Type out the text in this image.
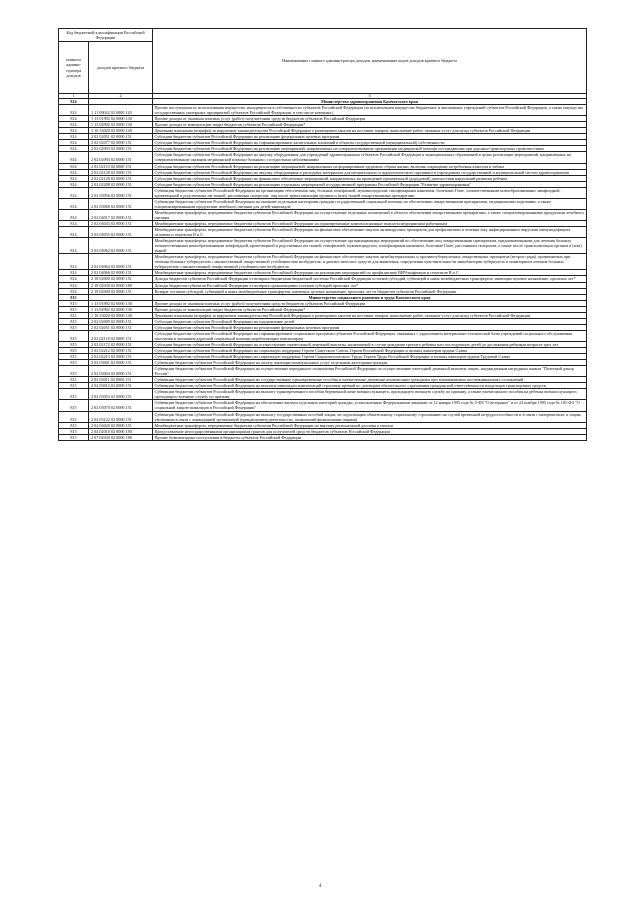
Код бюджетной классификации Российской Федерации		Наименование главного администратора доходов, наименование кодов доходов краевого бюджета
главного админи-стратора доходов	доходов краевого бюджета	
1	2	3
814		Министерство здравоохранения Камчатского края
814	1 11 09042 02 0000 120	Прочие поступления от использования имущества, находящегося в собственности субъектов Российской Федерации (за исключением имущества бюджетных и автономных учреждений субъектов Российской Федерации, а также имущества государственных унитарных предприятий субъектов Российской Федерации, в том числе казенных)
814	1 13 01992 02 0000 130	Прочие доходы от оказания платных услуг (работ) получателями средств бюджетов субъектов Российской Федерации
814	1 13 02992 02 0000 130	Прочие доходы от компенсации затрат бюджетов субъектов Российской Федерации*
814	1 16 33020 02 0000 140	Денежные взыскания (штрафы) за нарушение законодательства Российской Федерации о размещении заказов на поставки товаров, выполнение работ, оказание услуг для нужд субъектов Российской Федерации
814	2 02 02051 02 0000 151	Субсидии бюджетам субъектов Российской Федерации на реализацию федеральных целевых программ
814	2 02 02077 02 0000 151	Субсидии бюджетам субъектов Российской Федерации на софинансирование капитальных вложений в объекты государственной (муниципальной) собственности
814	2 02 02093 02 0000 151	Субсидии бюджетам субъектов Российской Федерации на реализацию мероприятий, направленных на совершенствование организации медицинской помощи пострадавшим при дорожно-транспортных происшествиях
814	2 02 02094 02 0000 151	Субсидии бюджетам субъектов Российской Федерации на закупку оборудования для учреждений здравоохранения субъектов Российской Федерации и муниципальных образований в целях реализации мероприятий, направленных на совершенствование оказания медицинской помощи больным с сосудистыми заболеваниями
814	2 02 02110 02 0000 151	Субсидии бюджетам субъектов Российской Федерации на реализацию мероприятий, направленных на формирование здорового образа жизни, включая сокращение потребления алкоголя и табака
814	2 02 02128 02 0000 151	Субсидии бюджетам субъектов Российской Федерации на закупку оборудования и расходных материалов для неонатального и аудиологического скрининга в учреждениях государственной и муниципальной систем здравоохранения
814	2 02 02129 02 0000 151	Субсидии бюджетам субъектов Российской Федерации на финансовое обеспечение мероприятий, направленных на проведение пренатальной (дородовой) диагностики нарушений развития ребенка
814	2 02 02208 02 0000 151	Субсидии бюджетам субъектов Российской Федерации на реализацию отдельных мероприятий государственной программы Российской Федерации "Развитие здравоохранения"
814	2 02 03056 02 0000 151	Субвенции бюджетам субъектов Российской Федерации на организацию обеспечения лиц, больных гемофилией, муковисцидозом, гипофизарным нанизмом, болезнью Гоше, злокачественными новообразованиями лимфоидной, кроветворной и родственных им тканей, рассеянным склерозом, лиц после трансплантации органов и (или) тканей лекарственными препаратами
814	2 02 03068 02 0000 151	Субвенции бюджетам субъектов Российской Федерации на оказание отдельным категориям граждан государственной социальной помощи по обеспечению лекарственными препаратами, медицинскими изделиями, а также специализированными продуктами лечебного питания для детей-инвалидов
814	2 02 04017 02 0000 151	Межбюджетные трансферты, передаваемые бюджетам субъектов Российской Федерации на осуществление отдельных полномочий в области обеспечения лекарственными препаратами, а также специализированными продуктами лечебного питания
814	2 02 04043 02 0000 151	Межбюджетные трансферты, передаваемые бюджетам субъектов Российской Федерации на единовременные компенсационные выплаты медицинским работникам
814	2 02 04055 02 0000 151	Межбюджетные трансферты, передаваемые бюджетам субъектов Российской Федерации на финансовое обеспечение закупок антивирусных препаратов для профилактики и лечения лиц, инфицированных вирусами иммунодефицита человека и гепатитов B и C
814	2 02 04062 02 0000 151	Межбюджетные трансферты, передаваемые бюджетам субъектов Российской Федерации на осуществление организационных мероприятий по обеспечению лиц лекарственными препаратами, предназначенными для лечения больных злокачественными новообразованиями лимфоидной, кроветворной и родственных им тканей, гемофилией, муковисцидозом, гипофизарным нанизмом, болезнью Гоше, рассеянным склерозом, а также после трансплантации органов и (или) тканей
814	2 02 04064 02 0000 151	Межбюджетные трансферты, передаваемые бюджетам субъектов Российской Федерации на финансовое обеспечение закупок антибактериальных и противотуберкулезных лекарственных препаратов (второго ряда), применяемых при лечении больных туберкулезом с множественной лекарственной устойчивостью возбудителя, и диагностических средств для выявления, определения чувствительности микобактерии туберкулеза и мониторинга лечения больных туберкулезом с множественной лекарственной устойчивостью возбудителя
814	2 02 04066 02 0000 151	Межбюджетные трансферты, передаваемые бюджетам субъектов Российской Федерации на реализацию мероприятий по профилактике ВИЧ-инфекции и гепатитов B и C
814	2 18 02000 02 0000 151	Доходы бюджетов субъектов Российской Федерации от возврата бюджетами бюджетной системы Российской Федерации остатков субсидий, субвенций и иных межбюджетных трансфертов, имеющих целевое назначение, прошлых лет*
814	2 18 02030 02 0000 180	Доходы бюджетов субъектов Российской Федерации от возврата организациями остатков субсидий прошлых лет*
814	2 19 02000 02 0000 151	Возврат остатков субсидий, субвенций и иных межбюджетных трансфертов, имеющих целевое назначение, прошлых лет из бюджетов субъектов Российской Федерации
815		Министерство социального развития и труда Камчатского края
815	1 13 01992 02 0000 130	Прочие доходы от оказания платных услуг (работ) получателями средств бюджетов субъектов Российской Федерации
815	1 13 02992 02 0000 130	Прочие доходы от компенсации затрат бюджетов субъектов Российской Федерации*
815	1 16 33020 02 0000 140	Денежные взыскания (штрафы) за нарушение законодательства Российской Федерации о размещении заказов на поставки товаров, выполнение работ, оказание услуг для нужд субъектов Российской Федерации
815	2 02 02009 02 0000 151	Субсидии бюджетам субъектов Российской Федерации на оздоровление детей
815	2 02 02051 02 0000 151	Субсидии бюджетам субъектов Российской Федерации на реализацию федеральных целевых программ
815	2 02 02118 02 0000 151	Субсидии бюджетам субъектов Российской Федерации на софинансирование социальных программ субъектов Российской Федерации, связанных с укреплением материально-технической базы учреждений социального обслуживания населения и оказанием адресной социальной помощи неработающим пенсионерам
815	2 02 02172 02 0000 151	Субсидии бюджетам субъектов Российской Федерации на осуществление ежемесячной денежной выплаты, назначаемой в случае рождения третьего ребенка или последующих детей до достижения ребенком возраста трех лет
815	2 02 02212 02 0000 151	Субсидии бюджетам субъектов Российской Федерации на социальную поддержку Героев Советского Союза, Героев Российской Федерации и полных кавалеров ордена Славы
815	2 02 02213 02 0000 151	Субсидии бюджетам субъектов Российской Федерации на социальную поддержку Героев Социалистического Труда, Героев Труда Российской Федерации и полных кавалеров ордена Трудовой Славы
815	2 02 03001 02 0000 151	Субвенции бюджетам субъектов Российской Федерации на оплату жилищно-коммунальных услуг отдельным категориям граждан
815	2 02 03004 02 0000 151	Субвенции бюджетам субъектов Российской Федерации на осуществление переданного полномочия Российской Федерации по осуществлению ежегодной денежной выплаты лицам, награжденным нагрудным знаком "Почетный донор России"
815	2 02 03011 02 0000 151	Субвенции бюджетам субъектов Российской Федерации на государственные единовременные пособия и ежемесячные денежные компенсации гражданам при возникновении поствакцинальных осложнений
815	2 02 03012 02 0000 151	Субвенции бюджетам субъектов Российской Федерации на выплаты инвалидам компенсаций страховых премий по договорам обязательного страхования гражданской ответственности владельцев транспортных средств
815	2 02 03053 02 0000 151	Субвенции бюджетам субъектов Российской Федерации на выплату единовременного пособия беременной жене военнослужащего, проходящего военную службу по призыву, а также ежемесячного пособия на ребенка военнослужащего, проходящего военную службу по призыву
815	2 02 03070 02 0000 151	Субвенции бюджетам субъектов Российской Федерации на обеспечение жильем отдельных категорий граждан, установленных Федеральными законами от 12 января 1995 года № 5-ФЗ "О ветеранах" и от 24 ноября 1995 года № 181-ФЗ "О социальной защите инвалидов в Российской Федерации"
815	2 02 03122 02 0000 151	Субвенции бюджетам субъектов Российской Федерации на выплату государственных пособий лицам, не подлежащим обязательному социальному страхованию на случай временной нетрудоспособности и в связи с материнством, и лицам, уволенным в связи с ликвидацией организаций (прекращением деятельности, полномочий физическими лицами)
815	2 02 04020 02 0000 151	Межбюджетные трансферты, передаваемые бюджетам субъектов Российской Федерации на выплату региональной доплаты к пенсии
815	2 04 02010 02 0000 180	Предоставление негосударственными организациями грантов для получателей средств бюджетов субъектов Российской Федерации
815	2 07 02030 02 0000 180	Прочие безвозмездные поступления в бюджеты субъектов Российской Федерации
4
